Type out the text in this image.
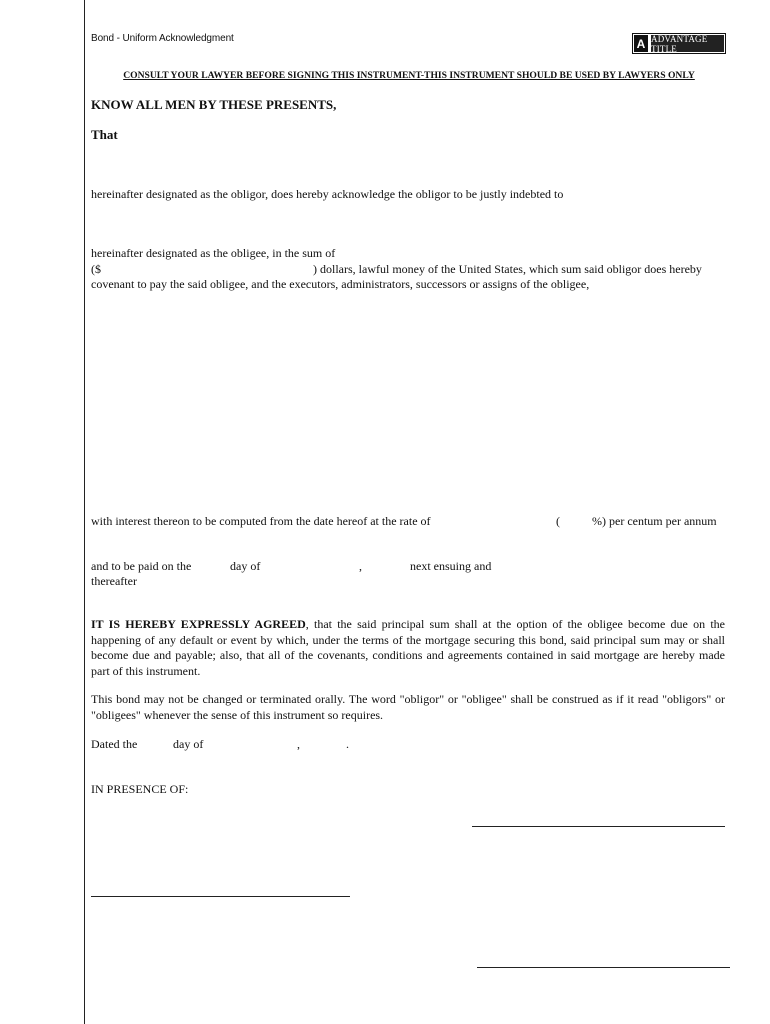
Bond - Uniform Acknowledgment	A ADVANTAGE TITLE
CONSULT YOUR LAWYER BEFORE SIGNING THIS INSTRUMENT-THIS INSTRUMENT SHOULD BE USED BY LAWYERS ONLY
KNOW ALL MEN BY THESE PRESENTS,
That
hereinafter designated as the obligor, does hereby acknowledge the obligor to be justly indebted to
hereinafter designated as the obligee, in the sum of
($	) dollars, lawful money of the United States, which sum said obligor does hereby
covenant to pay the said obligee, and the executors, administrators, successors or assigns of the obligee,
with interest thereon to be computed from the date hereof at the rate of	(	%) per centum per annum
and to be paid on the	day of	,	next ensuing and
thereafter
IT IS HEREBY EXPRESSLY AGREED, that the said principal sum shall at the option of the obligee become due on the happening of any default or event by which, under the terms of the mortgage securing this bond, said principal sum may or shall become due and payable; also, that all of the covenants, conditions and agreements contained in said mortgage are hereby made part of this instrument.
This bond may not be changed or terminated orally. The word "obligor" or "obligee" shall be construed as if it read "obligors" or "obligees" whenever the sense of this instrument so requires.
Dated the	day of	,	.
IN PRESENCE OF:
